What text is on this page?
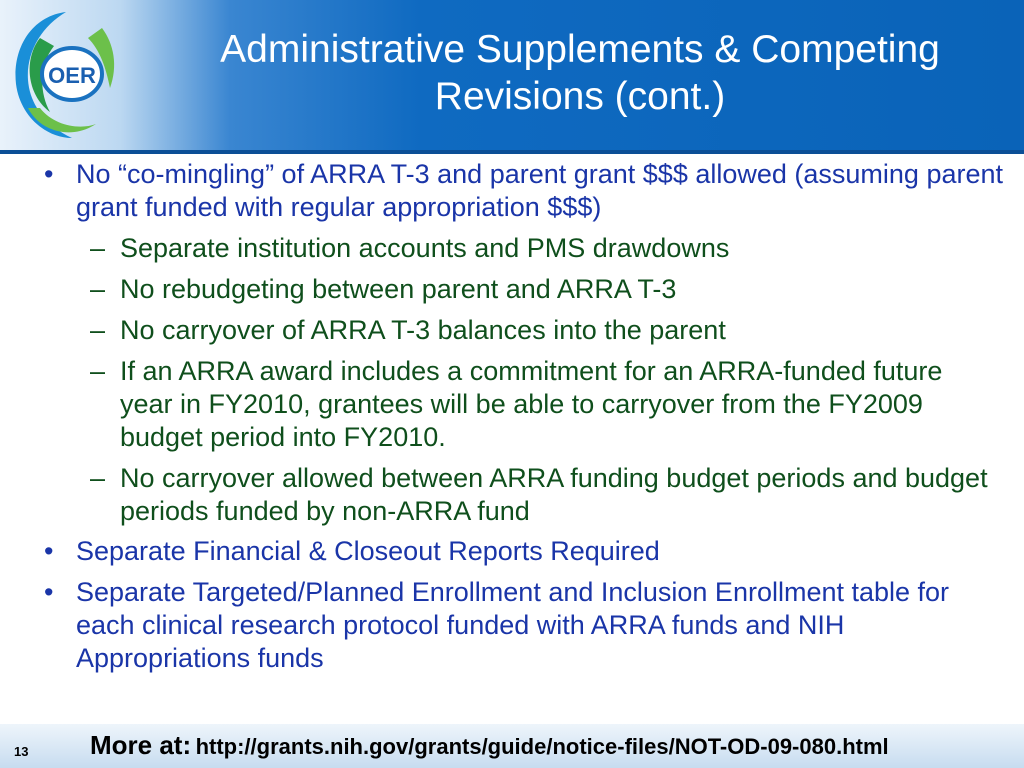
OER
Administrative Supplements & Competing Revisions (cont.)
• No “co-mingling” of ARRA T-3 and parent grant $$$ allowed (assuming parent grant funded with regular appropriation $$$)
– Separate institution accounts and PMS drawdowns
– No rebudgeting between parent and ARRA T-3
– No carryover of ARRA T-3 balances into the parent
– If an ARRA award includes a commitment for an ARRA-funded future year in FY2010, grantees will be able to carryover from the FY2009 budget period into FY2010.
– No carryover allowed between ARRA funding budget periods and budget periods funded by non-ARRA fund
• Separate Financial & Closeout Reports Required
• Separate Targeted/Planned Enrollment and Inclusion Enrollment table for each clinical research protocol funded with ARRA funds and NIH Appropriations funds
13 More at: http://grants.nih.gov/grants/guide/notice-files/NOT-OD-09-080.html
